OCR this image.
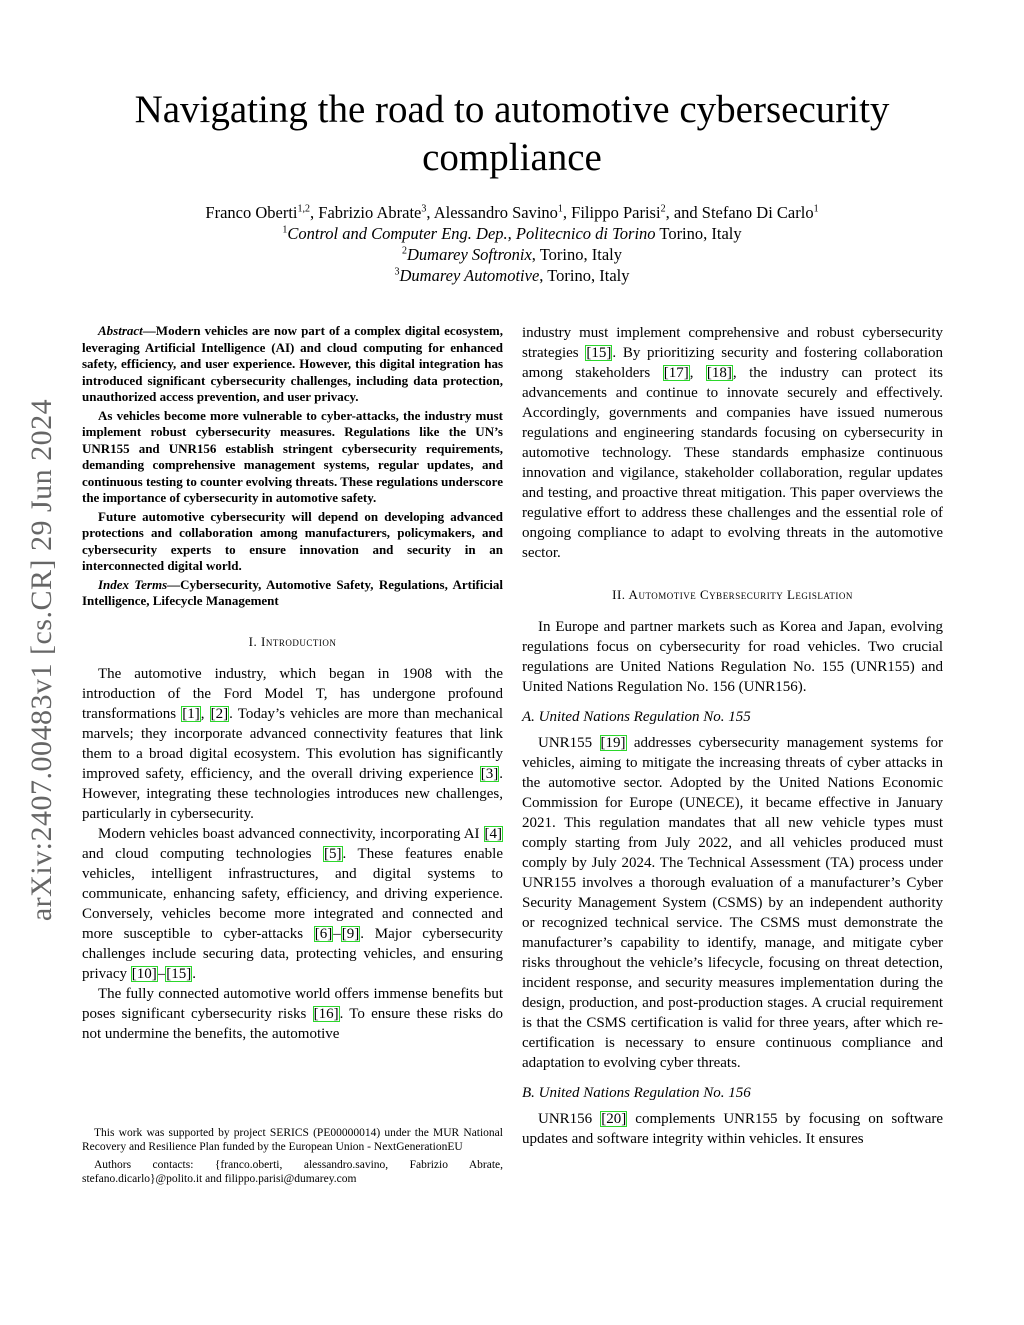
arXiv:2407.00483v1 [cs.CR] 29 Jun 2024
Navigating the road to automotive cybersecurity compliance
Franco Oberti$^{1,2}$, Fabrizio Abrate$^3$, Alessandro Savino$^1$, Filippo Parisi$^2$, and Stefano Di Carlo$^1$
$^1$Control and Computer Eng. Dep., Politecnico di Torino Torino, Italy
$^2$Dumarey Softronix, Torino, Italy
$^3$Dumarey Automotive, Torino, Italy

Abstract—Modern vehicles are now part of a complex digital ecosystem, leveraging Artificial Intelligence (AI) and cloud computing for enhanced safety, efficiency, and user experience. However, this digital integration has introduced significant cybersecurity challenges, including data protection, unauthorized access prevention, and user privacy.

As vehicles become more vulnerable to cyber-attacks, the industry must implement robust cybersecurity measures. Regulations like the UN’s UNR155 and UNR156 establish stringent cybersecurity requirements, demanding comprehensive management systems, regular updates, and continuous testing to counter evolving threats. These regulations underscore the importance of cybersecurity in automotive safety.

Future automotive cybersecurity will depend on developing advanced protections and collaboration among manufacturers, policymakers, and cybersecurity experts to ensure innovation and security in an interconnected digital world.

Index Terms—Cybersecurity, Automotive Safety, Regulations, Artificial Intelligence, Lifecycle Management

I. Introduction

The automotive industry, which began in 1908 with the introduction of the Ford Model T, has undergone profound transformations [1], [2]. Today’s vehicles are more than mechanical marvels; they incorporate advanced connectivity features that link them to a broad digital ecosystem. This evolution has significantly improved safety, efficiency, and the overall driving experience [3]. However, integrating these technologies introduces new challenges, particularly in cybersecurity.

Modern vehicles boast advanced connectivity, incorporating AI [4] and cloud computing technologies [5]. These features enable vehicles, intelligent infrastructures, and digital systems to communicate, enhancing safety, efficiency, and driving experience. Conversely, vehicles become more integrated and connected and more susceptible to cyber-attacks [6]–[9]. Major cybersecurity challenges include securing data, protecting vehicles, and ensuring privacy [10]–[15].

The fully connected automotive world offers immense benefits but poses significant cybersecurity risks [16]. To ensure these risks do not undermine the benefits, the automotive

industry must implement comprehensive and robust cybersecurity strategies [15]. By prioritizing security and fostering collaboration among stakeholders [17], [18], the industry can protect its advancements and continue to innovate securely and effectively. Accordingly, governments and companies have issued numerous regulations and engineering standards focusing on cybersecurity in automotive technology. These standards emphasize continuous innovation and vigilance, stakeholder collaboration, regular updates and testing, and proactive threat mitigation. This paper overviews the regulative effort to address these challenges and the essential role of ongoing compliance to adapt to evolving threats in the automotive sector.

II. Automotive Cybersecurity Legislation

In Europe and partner markets such as Korea and Japan, evolving regulations focus on cybersecurity for road vehicles. Two crucial regulations are United Nations Regulation No. 155 (UNR155) and United Nations Regulation No. 156 (UNR156).

A. United Nations Regulation No. 155

UNR155 [19] addresses cybersecurity management systems for vehicles, aiming to mitigate the increasing threats of cyber attacks in the automotive sector. Adopted by the United Nations Economic Commission for Europe (UNECE), it became effective in January 2021. This regulation mandates that all new vehicle types must comply starting from July 2022, and all vehicles produced must comply by July 2024. The Technical Assessment (TA) process under UNR155 involves a thorough evaluation of a manufacturer’s Cyber Security Management System (CSMS) by an independent authority or recognized technical service. The CSMS must demonstrate the manufacturer’s capability to identify, manage, and mitigate cyber risks throughout the vehicle’s lifecycle, focusing on threat detection, incident response, and security measures implementation during the design, production, and post-production stages. A crucial requirement is that the CSMS certification is valid for three years, after which re-certification is necessary to ensure continuous compliance and adaptation to evolving cyber threats.

B. United Nations Regulation No. 156

UNR156 [20] complements UNR155 by focusing on software updates and software integrity within vehicles. It ensures

This work was supported by project SERICS (PE00000014) under the MUR National Recovery and Resilience Plan funded by the European Union - NextGenerationEU

Authors contacts: {franco.oberti, alessandro.savino, Fabrizio Abrate, stefano.dicarlo}@polito.it and filippo.parisi@dumarey.com
